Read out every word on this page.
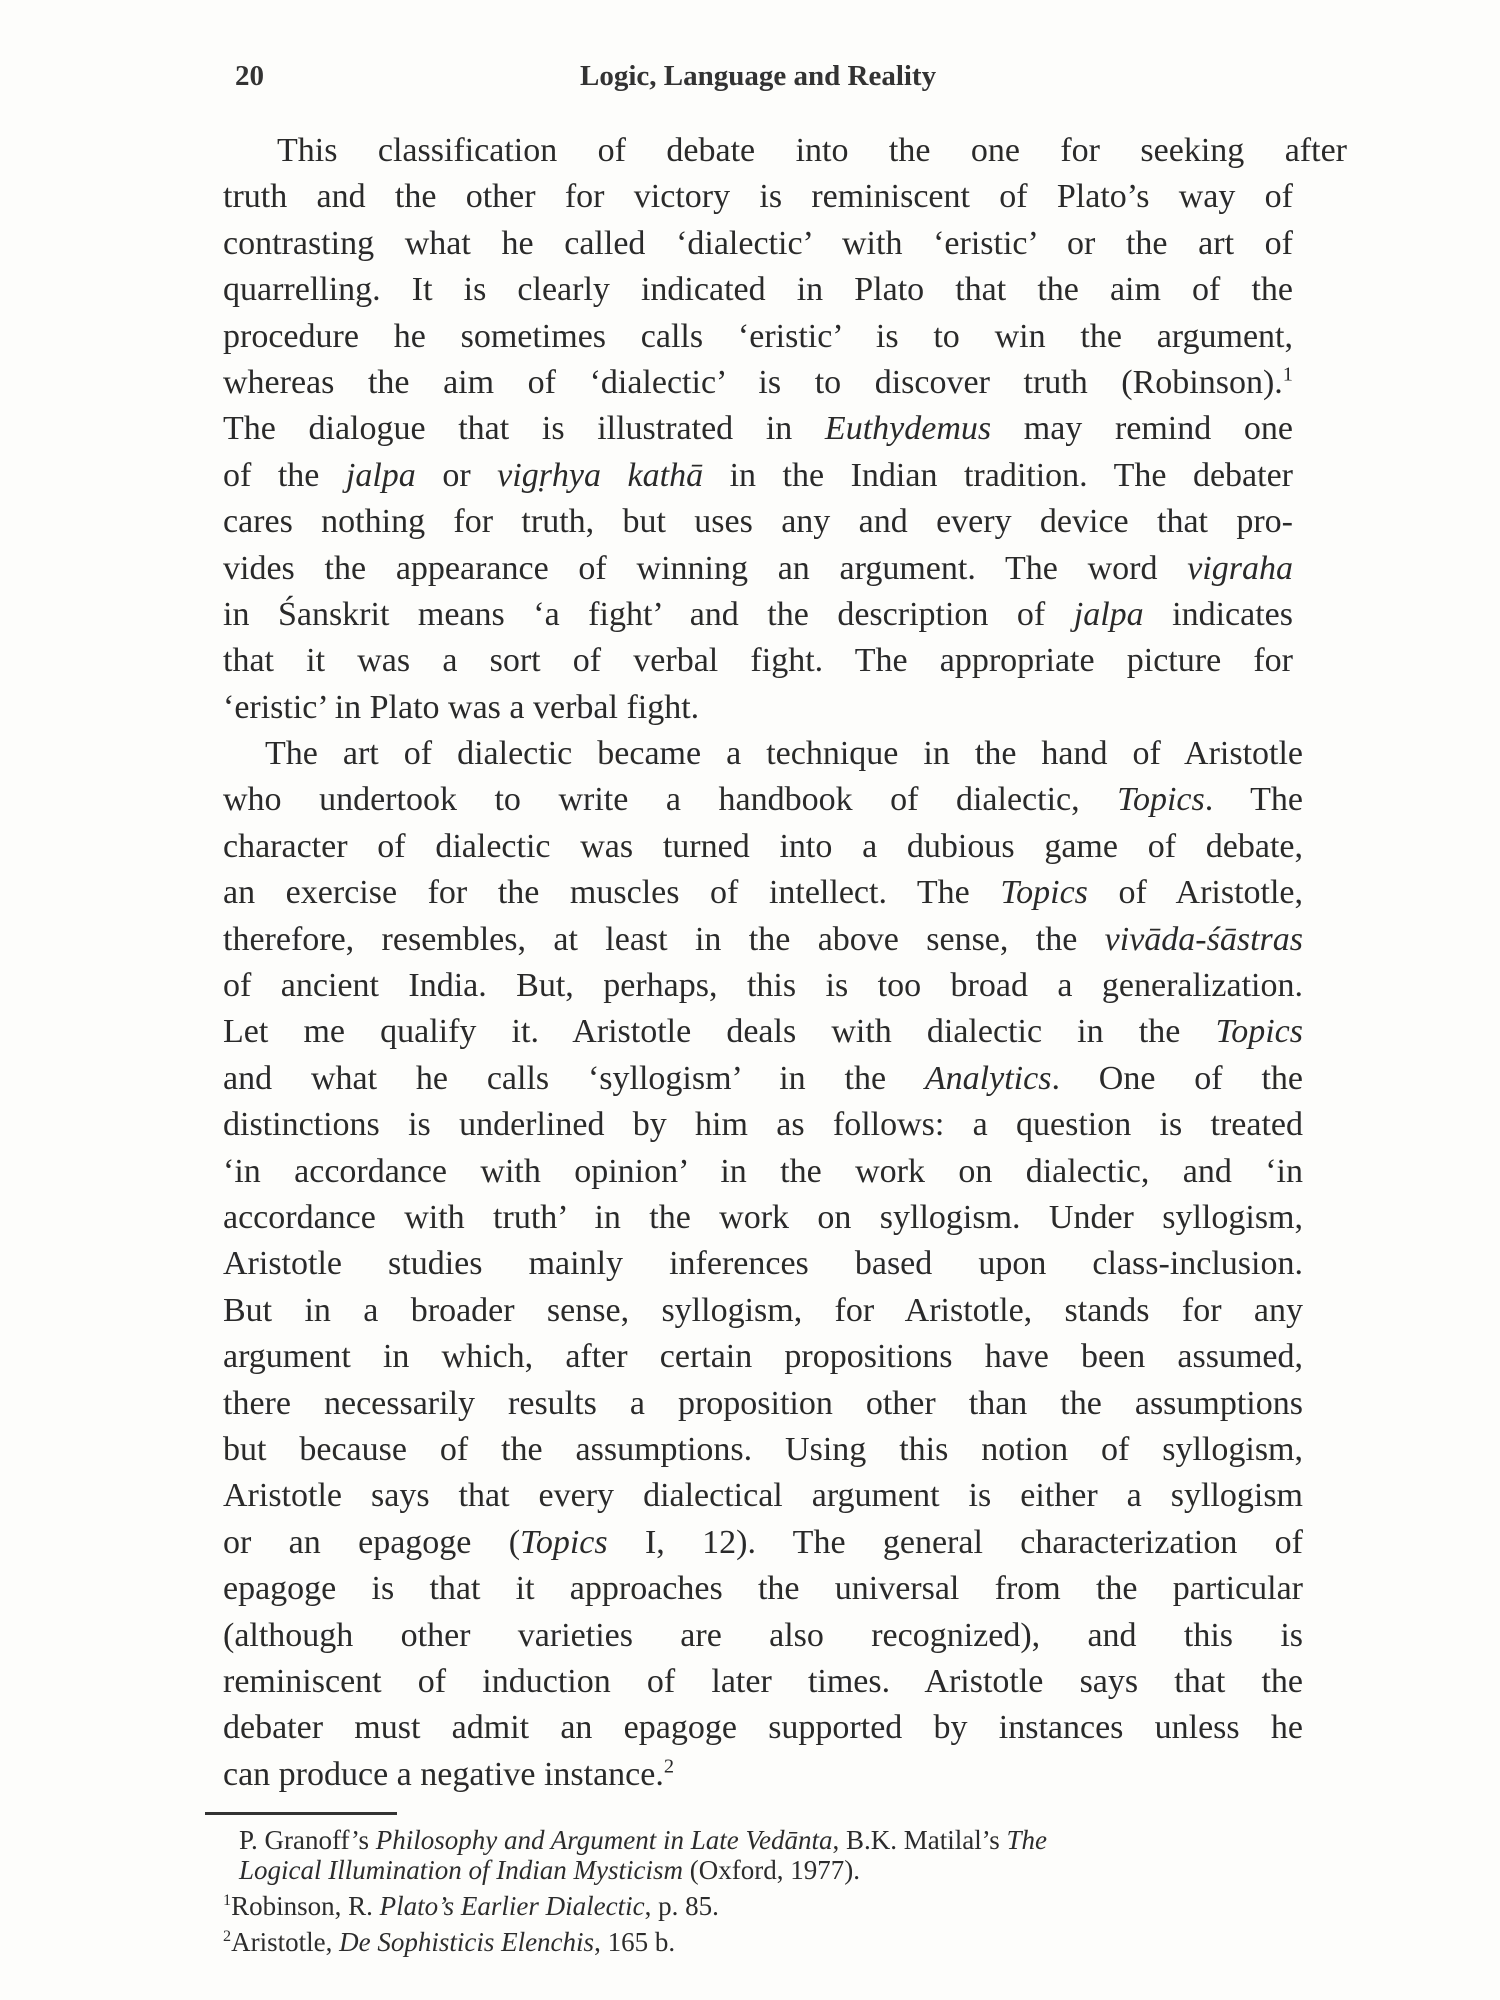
20	Logic, Language and Reality
This classification of debate into the one for seeking after
truth and the other for victory is reminiscent of Plato’s way of
contrasting what he called ‘dialectic’ with ‘eristic’ or the art of
quarrelling. It is clearly indicated in Plato that the aim of the
procedure he sometimes calls ‘eristic’ is to win the argument,
whereas the aim of ‘dialectic’ is to discover truth (Robinson).$^1$
The dialogue that is illustrated in Euthydemus may remind one
of the jalpa or vigṛhya kathā in the Indian tradition. The debater
cares nothing for truth, but uses any and every device that pro-
vides the appearance of winning an argument. The word vigraha
in Śanskrit means ‘a fight’ and the description of jalpa indicates
that it was a sort of verbal fight. The appropriate picture for
‘eristic’ in Plato was a verbal fight.
The art of dialectic became a technique in the hand of Aristotle
who undertook to write a handbook of dialectic, Topics. The
character of dialectic was turned into a dubious game of debate,
an exercise for the muscles of intellect. The Topics of Aristotle,
therefore, resembles, at least in the above sense, the vivāda-śāstras
of ancient India. But, perhaps, this is too broad a generalization.
Let me qualify it. Aristotle deals with dialectic in the Topics
and what he calls ‘syllogism’ in the Analytics. One of the
distinctions is underlined by him as follows: a question is treated
‘in accordance with opinion’ in the work on dialectic, and ‘in
accordance with truth’ in the work on syllogism. Under syllogism,
Aristotle studies mainly inferences based upon class-inclusion.
But in a broader sense, syllogism, for Aristotle, stands for any
argument in which, after certain propositions have been assumed,
there necessarily results a proposition other than the assumptions
but because of the assumptions. Using this notion of syllogism,
Aristotle says that every dialectical argument is either a syllogism
or an epagoge (Topics I, 12). The general characterization of
epagoge is that it approaches the universal from the particular
(although other varieties are also recognized), and this is
reminiscent of induction of later times. Aristotle says that the
debater must admit an epagoge supported by instances unless he
can produce a negative instance.$^2$
P. Granoff’s Philosophy and Argument in Late Vedānta, B.K. Matilal’s The
Logical Illumination of Indian Mysticism (Oxford, 1977).
$^1$Robinson, R. Plato’s Earlier Dialectic, p. 85.
$^2$Aristotle, De Sophisticis Elenchis, 165 b.
